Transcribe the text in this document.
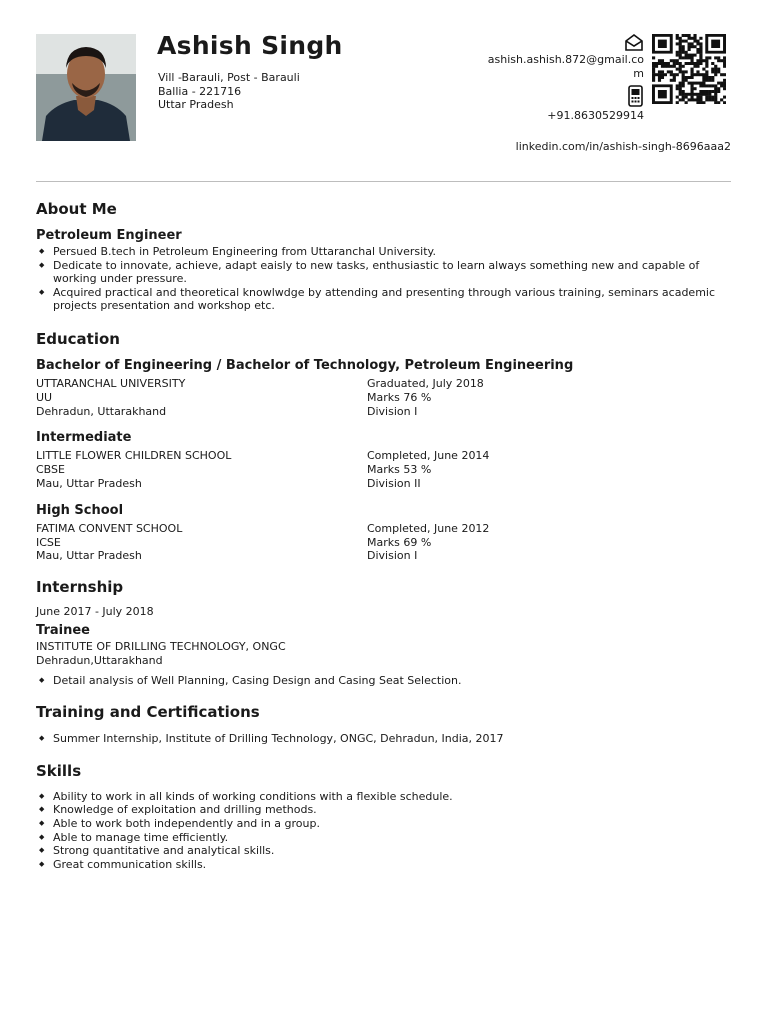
Ashish Singh
Vill -Barauli, Post - Barauli
Ballia - 221716
Uttar Pradesh
ashish.ashish.872@gmail.com
+91.8630529914
linkedin.com/in/ashish-singh-8696aaa2
About Me
Petroleum Engineer
◆ Persued B.tech in Petroleum Engineering from Uttaranchal University.
◆ Dedicate to innovate, achieve, adapt eaisly to new tasks, enthusiastic to learn always something new and capable of working under pressure.
◆ Acquired practical and theoretical knowlwdge by attending and presenting through various training, seminars academic projects presentation and workshop etc.
Education
Bachelor of Engineering / Bachelor of Technology, Petroleum Engineering
UTTARANCHAL UNIVERSITY
UU
Dehradun, Uttarakhand
Graduated, July 2018
Marks 76 %
Division I
Intermediate
LITTLE FLOWER CHILDREN SCHOOL
CBSE
Mau, Uttar Pradesh
Completed, June 2014
Marks 53 %
Division II
High School
FATIMA CONVENT SCHOOL
ICSE
Mau, Uttar Pradesh
Completed, June 2012
Marks 69 %
Division I
Internship
June 2017 - July 2018
Trainee
INSTITUTE OF DRILLING TECHNOLOGY, ONGC
Dehradun,Uttarakhand
◆ Detail analysis of Well Planning, Casing Design and Casing Seat Selection.
Training and Certifications
◆ Summer Internship, Institute of Drilling Technology, ONGC, Dehradun, India, 2017
Skills
◆ Ability to work in all kinds of working conditions with a flexible schedule.
◆ Knowledge of exploitation and drilling methods.
◆ Able to work both independently and in a group.
◆ Able to manage time efficiently.
◆ Strong quantitative and analytical skills.
◆ Great communication skills.
